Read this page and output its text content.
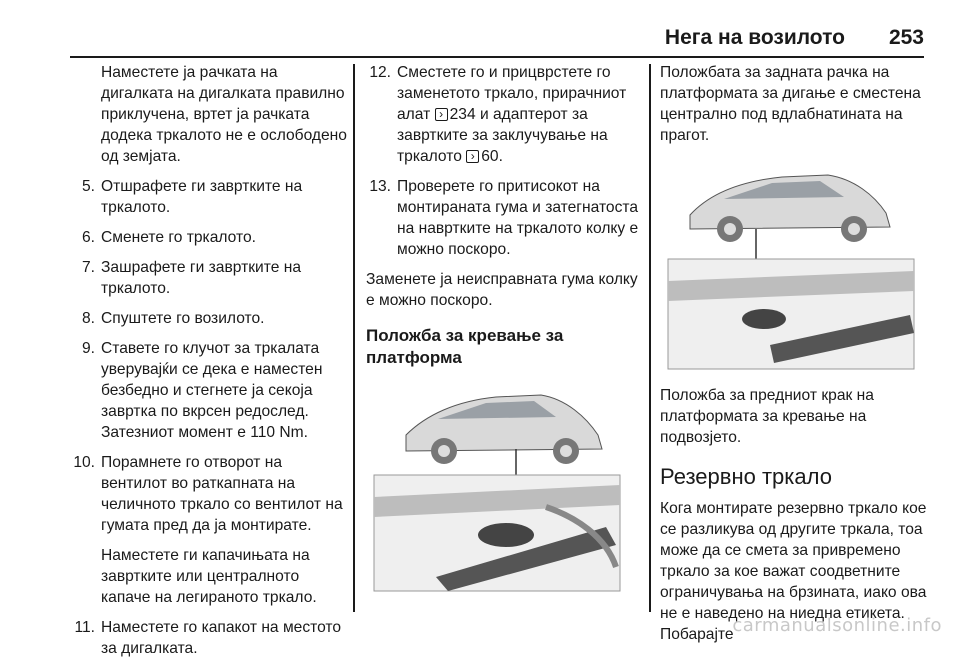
Нега на возилото 253

Наместете ја рачката на дигалката на дигалката правилно приклучена, вртет ја рачката додека тркалото не е ослободено од земјата.

5. Отшрафете ги завртките на тркалото.
6. Сменете го тркалото.
7. Зашрафете ги завртките на тркалото.
8. Спуштете го возилото.
9. Ставете го клучот за тркалата уверувајќи се дека е наместен безбедно и стегнете ја секоја завртка по вкрсен редослед. Затезниот момент е 110 Nm.
10. Порамнете го отворот на вентилот во раткапната на челичното тркало со вентилот на гумата пред да ја монтирате.

Наместете ги капачињата на завртките или централното капаче на легираното тркало.

11. Наместете го капакот на местото за дигалката.
12. Сместете го и прицврстете го заменетото тркало, прирачниот алат › 234 и адаптерот за завртките за заклучување на тркалото › 60.
13. Проверете го притисокот на монтираната гума и затегнатоста на навртките на тркалото колку е можно поскоро.

Заменете ја неисправната гума колку е можно поскоро.

Положба за кревање за платформа

Положбата за задната рачка на платформата за дигање е сместена централно под вдлабнатинатa на прагот.

Положба за предниот крак на платформата за кревање на подвозјето.

Резервно тркало

Кога монтирате резервно тркало кое се разликува од другите тркала, тоа може да се смета за привремено тркало за кое важат соодветните ограничувања на брзината, иако ова не е наведено на ниедна етикета. Побарајте

carmanualsonline.info
